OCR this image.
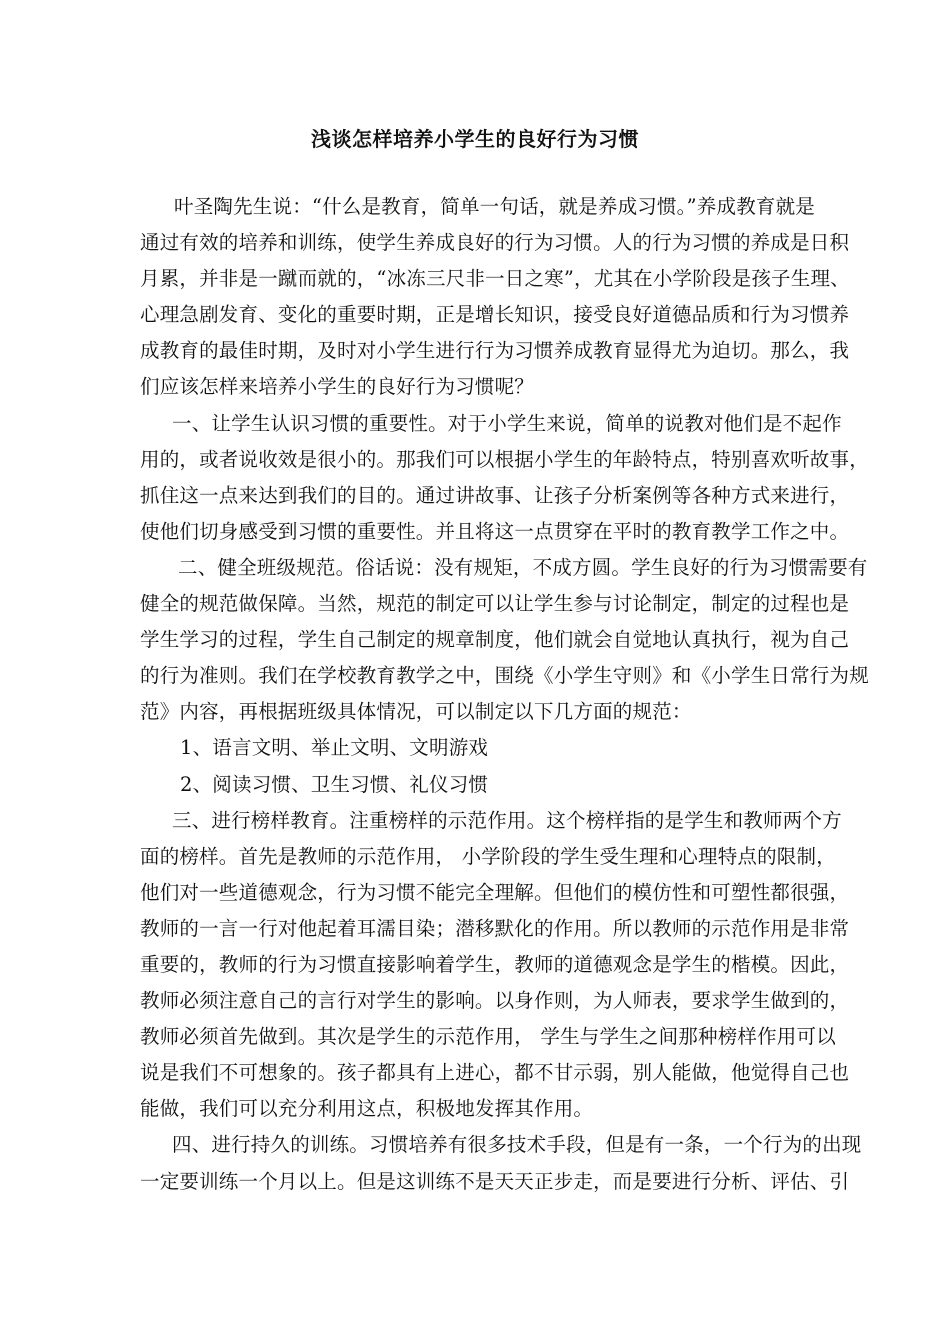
浅谈怎样培养小学生的良好行为习惯
叶圣陶先生说：“什么是教育，简单一句话，就是养成习惯。”养成教育就是
通过有效的培养和训练，使学生养成良好的行为习惯。人的行为习惯的养成是日积
月累，并非是一蹴而就的，“冰冻三尺非一日之寒”，尤其在小学阶段是孩子生理、
心理急剧发育、变化的重要时期，正是增长知识，接受良好道德品质和行为习惯养
成教育的最佳时期，及时对小学生进行行为习惯养成教育显得尤为迫切。那么，我
们应该怎样来培养小学生的良好行为习惯呢？
一、让学生认识习惯的重要性。对于小学生来说，简单的说教对他们是不起作
用的，或者说收效是很小的。那我们可以根据小学生的年龄特点，特别喜欢听故事，
抓住这一点来达到我们的目的。通过讲故事、让孩子分析案例等各种方式来进行，
使他们切身感受到习惯的重要性。并且将这一点贯穿在平时的教育教学工作之中。
二、健全班级规范。俗话说：没有规矩，不成方圆。学生良好的行为习惯需要有
健全的规范做保障。当然，规范的制定可以让学生参与讨论制定，制定的过程也是
学生学习的过程，学生自己制定的规章制度，他们就会自觉地认真执行，视为自己
的行为准则。我们在学校教育教学之中，围绕《小学生守则》和《小学生日常行为规
范》内容，再根据班级具体情况，可以制定以下几方面的规范：
1、语言文明、举止文明、文明游戏
2、阅读习惯、卫生习惯、礼仪习惯
三、进行榜样教育。注重榜样的示范作用。这个榜样指的是学生和教师两个方
面的榜样。首先是教师的示范作用， 小学阶段的学生受生理和心理特点的限制，
他们对一些道德观念，行为习惯不能完全理解。但他们的模仿性和可塑性都很强，
教师的一言一行对他起着耳濡目染；潜移默化的作用。所以教师的示范作用是非常
重要的，教师的行为习惯直接影响着学生，教师的道德观念是学生的楷模。因此，
教师必须注意自己的言行对学生的影响。以身作则，为人师表，要求学生做到的，
教师必须首先做到。其次是学生的示范作用， 学生与学生之间那种榜样作用可以
说是我们不可想象的。孩子都具有上进心，都不甘示弱，别人能做，他觉得自己也
能做，我们可以充分利用这点，积极地发挥其作用。
四、进行持久的训练。习惯培养有很多技术手段，但是有一条，一个行为的出现
一定要训练一个月以上。但是这训练不是天天正步走，而是要进行分析、评估、引
